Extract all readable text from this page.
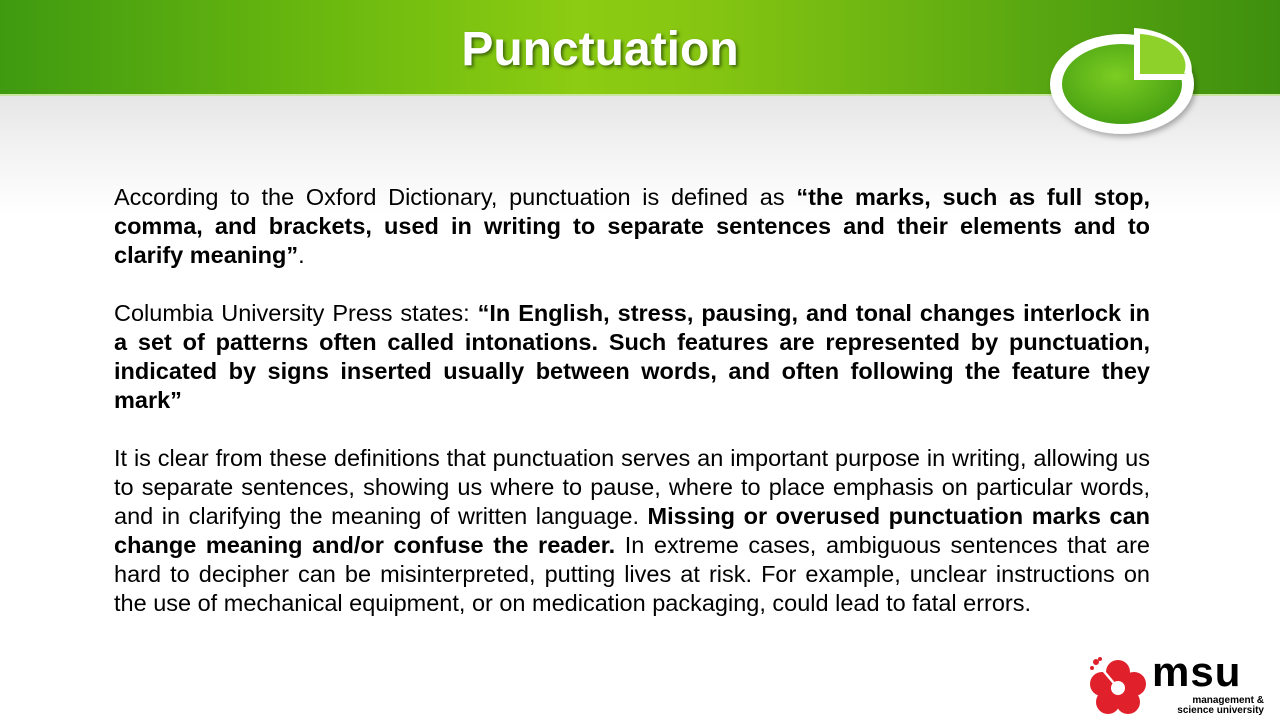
Punctuation

According to the Oxford Dictionary, punctuation is defined as “the marks, such as full stop, comma, and brackets, used in writing to separate sentences and their elements and to clarify meaning”.

Columbia University Press states: “In English, stress, pausing, and tonal changes interlock in a set of patterns often called intonations. Such features are represented by punctuation, indicated by signs inserted usually between words, and often following the feature they mark”

It is clear from these definitions that punctuation serves an important purpose in writing, allowing us to separate sentences, showing us where to pause, where to place emphasis on particular words, and in clarifying the meaning of written language. Missing or overused punctuation marks can change meaning and/or confuse the reader. In extreme cases, ambiguous sentences that are hard to decipher can be misinterpreted, putting lives at risk. For example, unclear instructions on the use of mechanical equipment, or on medication packaging, could lead to fatal errors.

msu
management &
science university
